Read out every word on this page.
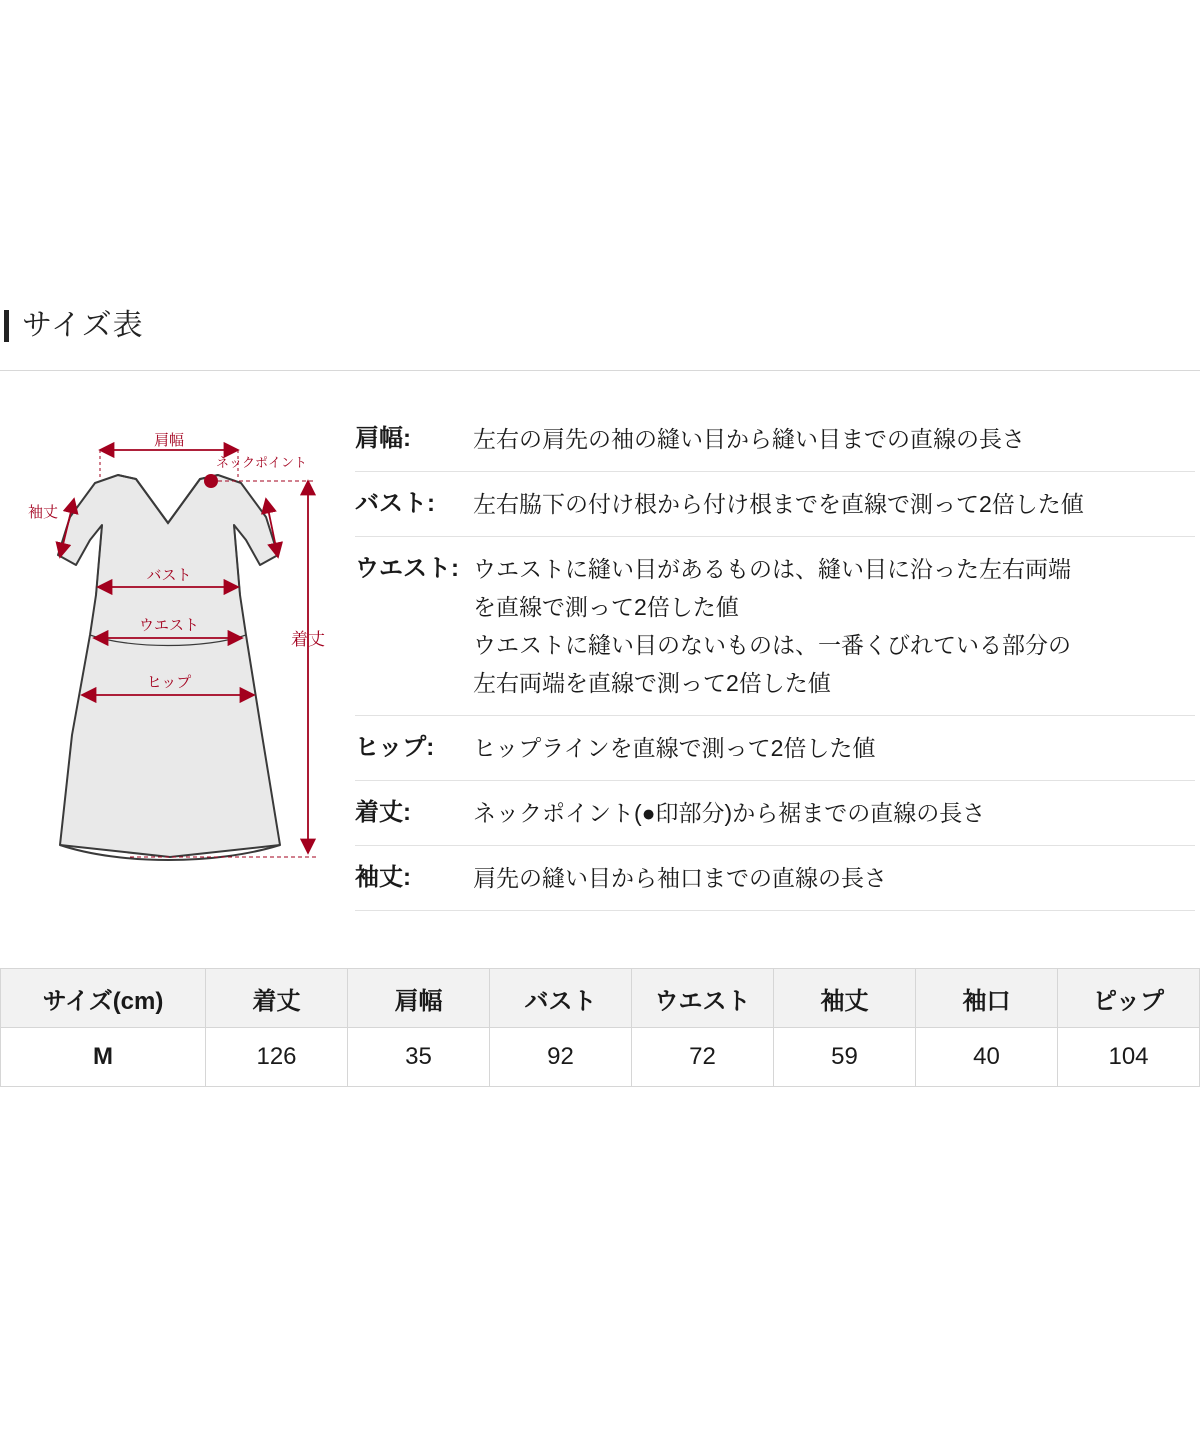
サイズ表
肩幅
ネックポイント
袖丈
バスト
ウエスト
ヒップ
着丈
肩幅:	左右の肩先の袖の縫い目から縫い目までの直線の長さ
バスト:	左右脇下の付け根から付け根までを直線で測って2倍した値
ウエスト: ウエストに縫い目があるものは、縫い目に沿った左右両端
を直線で測って2倍した値
ウエストに縫い目のないものは、一番くびれている部分の
左右両端を直線で測って2倍した値
ヒップ:	ヒップラインを直線で測って2倍した値
着丈:	ネックポイント(●印部分)から裾までの直線の長さ
袖丈:	肩先の縫い目から袖口までの直線の長さ
サイズ(cm)	着丈	肩幅	バスト	ウエスト	袖丈	袖口	ピップ
M	126	35	92	72	59	40	104
